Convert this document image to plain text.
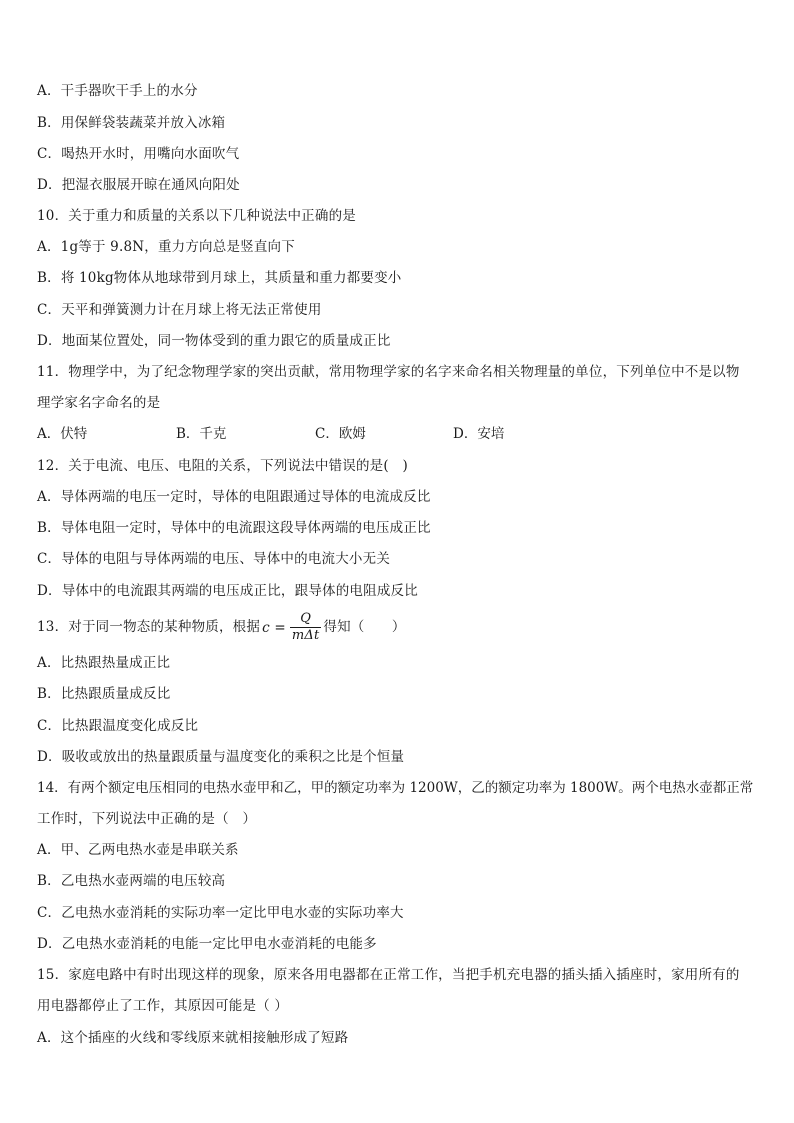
A．干手器吹干手上的水分
B．用保鲜袋装蔬菜并放入冰箱
C．喝热开水时，用嘴向水面吹气
D．把湿衣服展开晾在通风向阳处
10．关于重力和质量的关系以下几种说法中正确的是
A．1g等于 9.8N，重力方向总是竖直向下
B．将 10kg物体从地球带到月球上，其质量和重力都要变小
C．天平和弹簧测力计在月球上将无法正常使用
D．地面某位置处，同一物体受到的重力跟它的质量成正比
11．物理学中，为了纪念物理学家的突出贡献，常用物理学家的名字来命名相关物理量的单位，下列单位中不是以物
理学家名字命名的是
A．伏特	B．千克	C．欧姆	D．安培
12．关于电流、电压、电阻的关系，下列说法中错误的是(　)
A．导体两端的电压一定时，导体的电阻跟通过导体的电流成反比
B．导体电阻一定时，导体中的电流跟这段导体两端的电压成正比
C．导体的电阻与导体两端的电压、导体中的电流大小无关
D．导体中的电流跟其两端的电压成正比，跟导体的电阻成反比
13．对于同一物态的某种物质，根据 $c = \frac{Q}{\text{mΔt}}$ 得知（　　）
A．比热跟热量成正比
B．比热跟质量成反比
C．比热跟温度变化成反比
D．吸收或放出的热量跟质量与温度变化的乘积之比是个恒量
14．有两个额定电压相同的电热水壶甲和乙，甲的额定功率为 1200W，乙的额定功率为 1800W。两个电热水壶都正常
工作时，下列说法中正确的是（　）
A．甲、乙两电热水壶是串联关系
B．乙电热水壶两端的电压较高
C．乙电热水壶消耗的实际功率一定比甲电水壶的实际功率大
D．乙电热水壶消耗的电能一定比甲电水壶消耗的电能多
15．家庭电路中有时出现这样的现象，原来各用电器都在正常工作，当把手机充电器的插头插入插座时，家用所有的
用电器都停止了工作，其原因可能是（ ）
A．这个插座的火线和零线原来就相接触形成了短路
